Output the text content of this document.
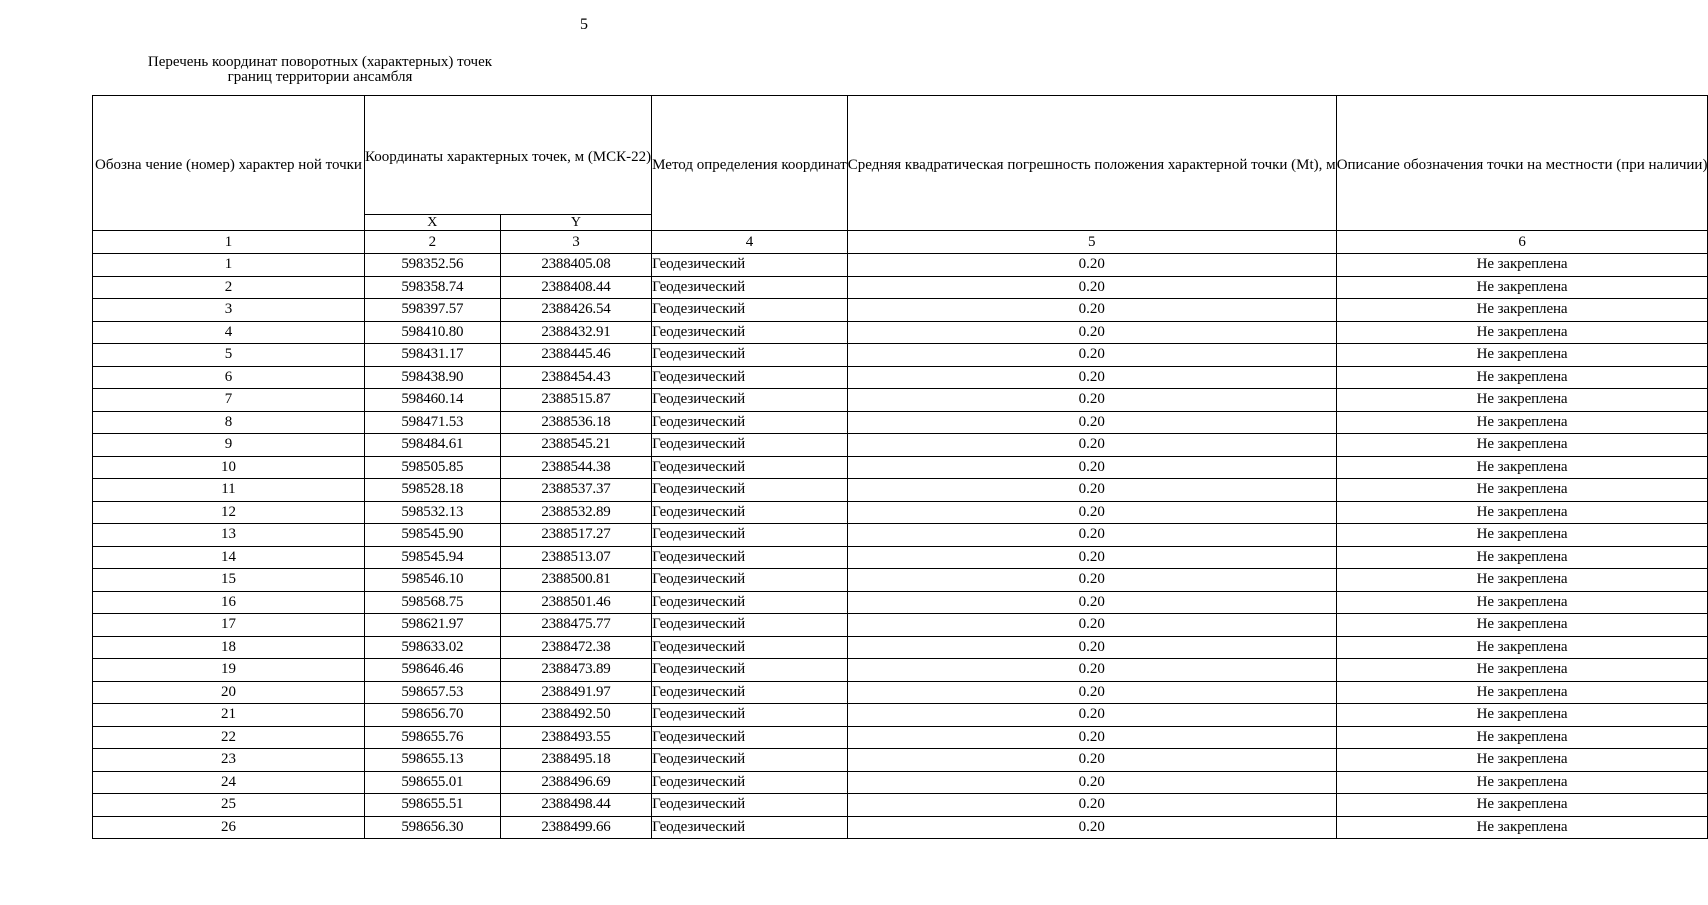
5
Перечень координат поворотных (характерных) точек
границ территории ансамбля
Обозна чение (номер) характер ной точки	Координаты характерных точек, м (МСК-22)		Метод определения координат	Средняя квадратическая погрешность положения характерной точки (Mt), м	Описание обозначения точки на местности (при наличии)
	X	Y			
1	2	3	4	5	6
1	598352.56	2388405.08	Геодезический	0.20	Не закреплена
2	598358.74	2388408.44	Геодезический	0.20	Не закреплена
3	598397.57	2388426.54	Геодезический	0.20	Не закреплена
4	598410.80	2388432.91	Геодезический	0.20	Не закреплена
5	598431.17	2388445.46	Геодезический	0.20	Не закреплена
6	598438.90	2388454.43	Геодезический	0.20	Не закреплена
7	598460.14	2388515.87	Геодезический	0.20	Не закреплена
8	598471.53	2388536.18	Геодезический	0.20	Не закреплена
9	598484.61	2388545.21	Геодезический	0.20	Не закреплена
10	598505.85	2388544.38	Геодезический	0.20	Не закреплена
11	598528.18	2388537.37	Геодезический	0.20	Не закреплена
12	598532.13	2388532.89	Геодезический	0.20	Не закреплена
13	598545.90	2388517.27	Геодезический	0.20	Не закреплена
14	598545.94	2388513.07	Геодезический	0.20	Не закреплена
15	598546.10	2388500.81	Геодезический	0.20	Не закреплена
16	598568.75	2388501.46	Геодезический	0.20	Не закреплена
17	598621.97	2388475.77	Геодезический	0.20	Не закреплена
18	598633.02	2388472.38	Геодезический	0.20	Не закреплена
19	598646.46	2388473.89	Геодезический	0.20	Не закреплена
20	598657.53	2388491.97	Геодезический	0.20	Не закреплена
21	598656.70	2388492.50	Геодезический	0.20	Не закреплена
22	598655.76	2388493.55	Геодезический	0.20	Не закреплена
23	598655.13	2388495.18	Геодезический	0.20	Не закреплена
24	598655.01	2388496.69	Геодезический	0.20	Не закреплена
25	598655.51	2388498.44	Геодезический	0.20	Не закреплена
26	598656.30	2388499.66	Геодезический	0.20	Не закреплена
